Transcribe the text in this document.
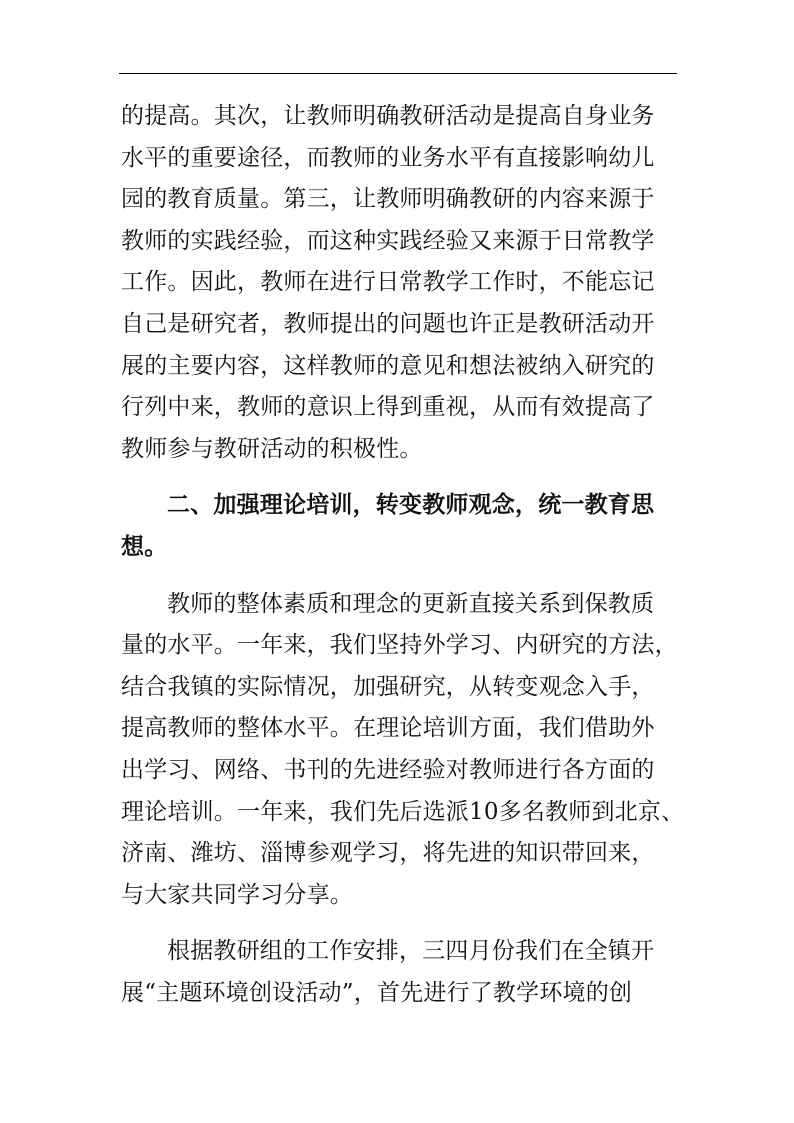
的提高。其次，让教师明确教研活动是提高自身业务
水平的重要途径，而教师的业务水平有直接影响幼儿
园的教育质量。第三，让教师明确教研的内容来源于
教师的实践经验，而这种实践经验又来源于日常教学
工作。因此，教师在进行日常教学工作时，不能忘记
自己是研究者，教师提出的问题也许正是教研活动开
展的主要内容，这样教师的意见和想法被纳入研究的
行列中来，教师的意识上得到重视，从而有效提高了
教师参与教研活动的积极性。
二、加强理论培训，转变教师观念，统一教育思
想。
教师的整体素质和理念的更新直接关系到保教质
量的水平。一年来，我们坚持外学习、内研究的方法，
结合我镇的实际情况，加强研究，从转变观念入手，
提高教师的整体水平。在理论培训方面，我们借助外
出学习、网络、书刊的先进经验对教师进行各方面的
理论培训。一年来，我们先后选派10多名教师到北京、
济南、潍坊、淄博参观学习，将先进的知识带回来，
与大家共同学习分享。
根据教研组的工作安排，三四月份我们在全镇开
展“主题环境创设活动”，首先进行了教学环境的创
